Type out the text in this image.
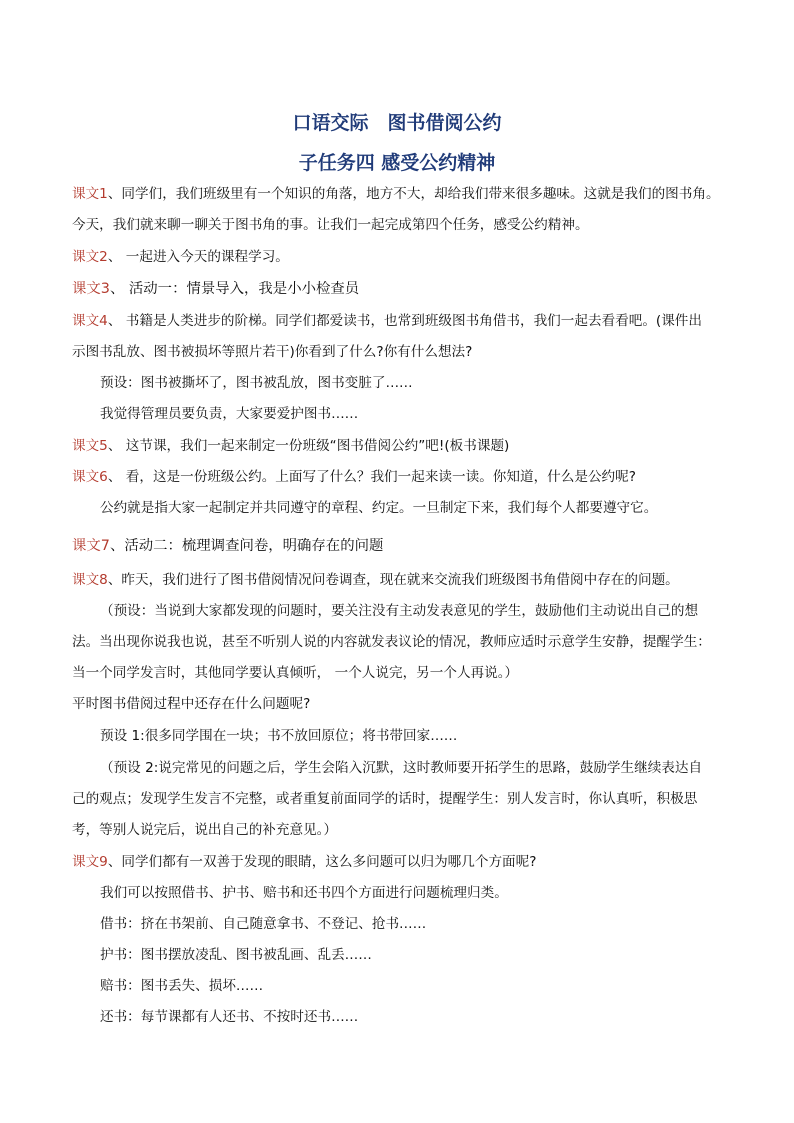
口语交际　图书借阅公约
子任务四 感受公约精神
课文1、同学们，我们班级里有一个知识的角落，地方不大，却给我们带来很多趣味。这就是我们的图书角。
今天，我们就来聊一聊关于图书角的事。让我们一起完成第四个任务，感受公约精神。
课文2、 一起进入今天的课程学习。
课文3、 活动一：情景导入，我是小小检查员
课文4、 书籍是人类进步的阶梯。同学们都爱读书，也常到班级图书角借书，我们一起去看看吧。(课件出
示图书乱放、图书被损坏等照片若干)你看到了什么?你有什么想法?
预设：图书被撕坏了，图书被乱放，图书变脏了……
我觉得管理员要负责，大家要爱护图书……
课文5、 这节课，我们一起来制定一份班级“图书借阅公约”吧!(板书课题)
课文6、 看，这是一份班级公约。上面写了什么？我们一起来读一读。你知道，什么是公约呢?
公约就是指大家一起制定并共同遵守的章程、约定。一旦制定下来，我们每个人都要遵守它。
课文7、活动二：梳理调查问卷，明确存在的问题
课文8、昨天，我们进行了图书借阅情况问卷调查，现在就来交流我们班级图书角借阅中存在的问题。
（预设：当说到大家都发现的问题时，要关注没有主动发表意见的学生，鼓励他们主动说出自己的想
法。当出现你说我也说，甚至不听别人说的内容就发表议论的情况，教师应适时示意学生安静，提醒学生：
当一个同学发言时，其他同学要认真倾听， 一个人说完，另一个人再说。）
平时图书借阅过程中还存在什么问题呢?
预设 1:很多同学围在一块；书不放回原位；将书带回家……
（预设 2:说完常见的问题之后，学生会陷入沉默，这时教师要开拓学生的思路，鼓励学生继续表达自
己的观点；发现学生发言不完整，或者重复前面同学的话时，提醒学生：别人发言时，你认真听，积极思
考，等别人说完后，说出自己的补充意见。）
课文9、同学们都有一双善于发现的眼睛，这么多问题可以归为哪几个方面呢?
我们可以按照借书、护书、赔书和还书四个方面进行问题梳理归类。
借书：挤在书架前、自己随意拿书、不登记、抢书……
护书：图书摆放凌乱、图书被乱画、乱丢……
赔书：图书丢失、损坏……
还书：每节课都有人还书、不按时还书……
